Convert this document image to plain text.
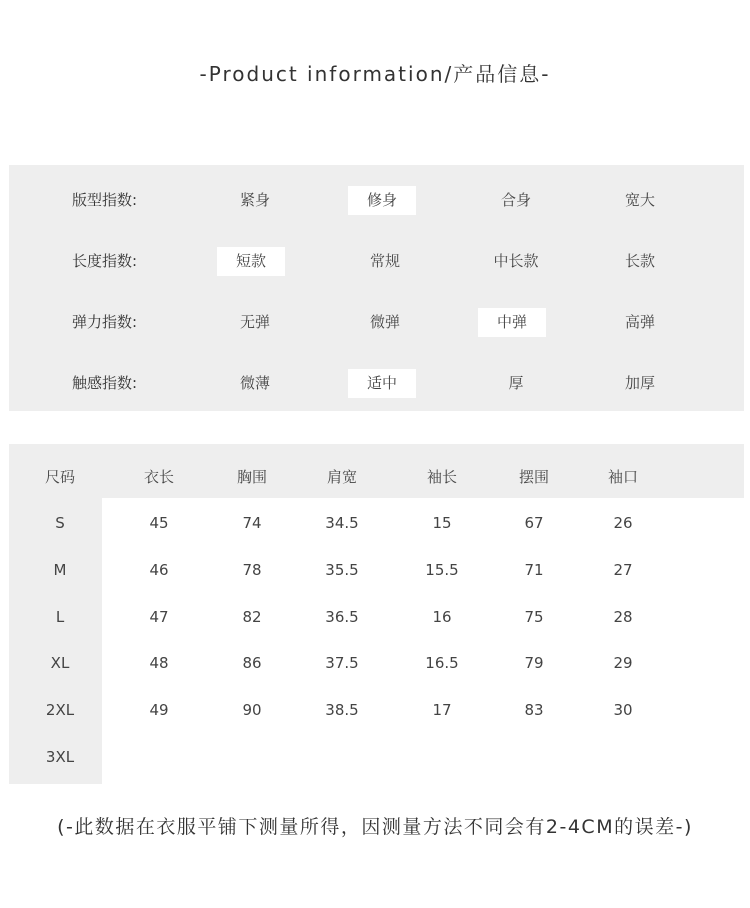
-Product information/产品信息-
版型指数:	紧身	修身	合身	宽大
长度指数:	短款	常规	中长款	长款
弹力指数:	无弹	微弹	中弹	高弹
触感指数:	微薄	适中	厚	加厚
尺码	衣长	胸围	肩宽	袖长	摆围	袖口
S	45	74	34.5	15	67	26
M	46	78	35.5	15.5	71	27
L	47	82	36.5	16	75	28
XL	48	86	37.5	16.5	79	29
2XL	49	90	38.5	17	83	30
3XL
(-此数据在衣服平铺下测量所得，因测量方法不同会有2-4CM的误差-)
